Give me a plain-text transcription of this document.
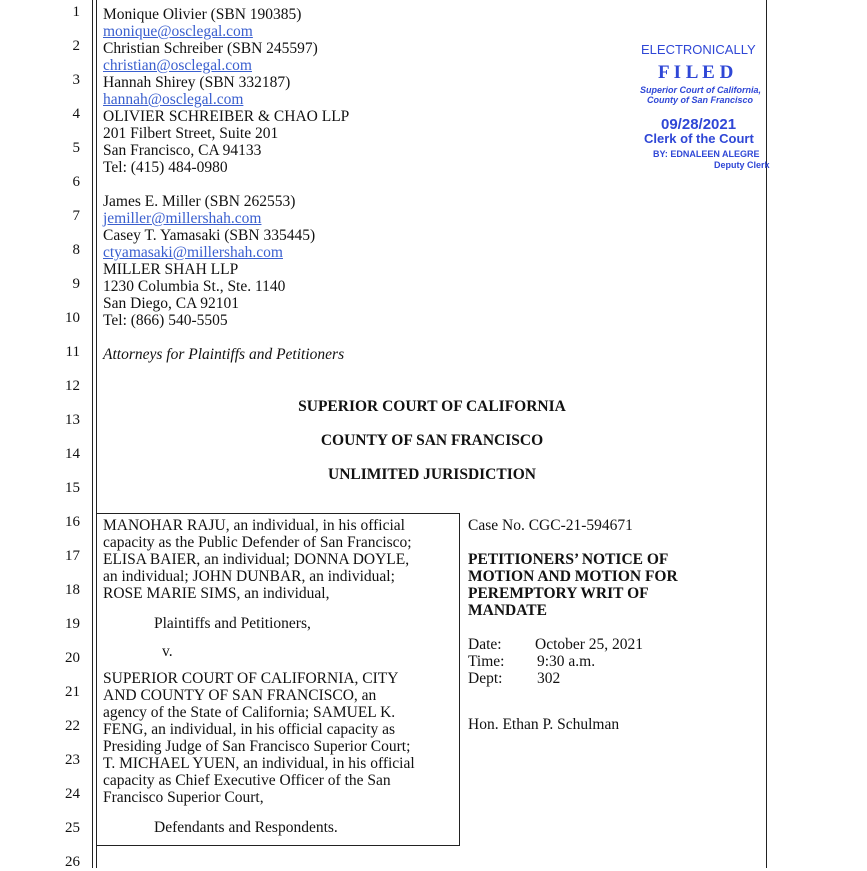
1
2
3
4
5
6
7
8
9
10
11
12
13
14
15
16
17
18
19
20
21
22
23
24
25
26
Monique Olivier (SBN 190385)
monique@osclegal.com
Christian Schreiber (SBN 245597)
christian@osclegal.com
Hannah Shirey (SBN 332187)
hannah@osclegal.com
OLIVIER SCHREIBER & CHAO LLP
201 Filbert Street, Suite 201
San Francisco, CA 94133
Tel: (415) 484-0980
James E. Miller (SBN 262553)
jemiller@millershah.com
Casey T. Yamasaki (SBN 335445)
ctyamasaki@millershah.com
MILLER SHAH LLP
1230 Columbia St., Ste. 1140
San Diego, CA 92101
Tel: (866) 540-5505
Attorneys for Plaintiffs and Petitioners
ELECTRONICALLY
F I L E D
Superior Court of California,
County of San Francisco
09/28/2021
Clerk of the Court
BY: EDNALEEN ALEGRE
Deputy Clerk
SUPERIOR COURT OF CALIFORNIA
COUNTY OF SAN FRANCISCO
UNLIMITED JURISDICTION
MANOHAR RAJU, an individual, in his official
capacity as the Public Defender of San Francisco;
ELISA BAIER, an individual; DONNA DOYLE,
an individual; JOHN DUNBAR, an individual;
ROSE MARIE SIMS, an individual,
Plaintiffs and Petitioners,
v.
SUPERIOR COURT OF CALIFORNIA, CITY
AND COUNTY OF SAN FRANCISCO, an
agency of the State of California; SAMUEL K.
FENG, an individual, in his official capacity as
Presiding Judge of San Francisco Superior Court;
T. MICHAEL YUEN, an individual, in his official
capacity as Chief Executive Officer of the San
Francisco Superior Court,
Defendants and Respondents.
Case No. CGC-21-594671
PETITIONERS’ NOTICE OF
MOTION AND MOTION FOR
PEREMPTORY WRIT OF
MANDATE
Date: October 25, 2021
Time: 9:30 a.m.
Dept: 302
Hon. Ethan P. Schulman
